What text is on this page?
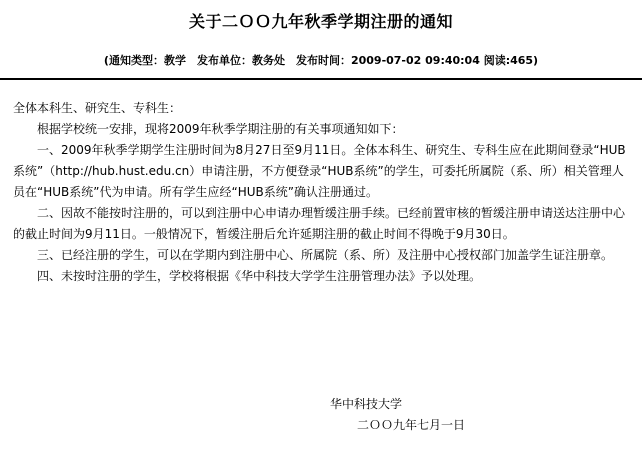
关于二ＯＯ九年秋季学期注册的通知
(通知类型：教学　发布单位：教务处　发布时间：2009-07-02 09:40:04 阅读:465)

全体本科生、研究生、专科生：

根据学校统一安排，现将2009年秋季学期注册的有关事项通知如下：

一、2009年秋季学期学生注册时间为8月27日至9月11日。全体本科生、研究生、专科生应在此期间登录“HUB系统”（http://hub.hust.edu.cn）申请注册，不方便登录“HUB系统”的学生，可委托所属院（系、所）相关管理人员在“HUB系统”代为申请。所有学生应经“HUB系统”确认注册通过。

二、因故不能按时注册的，可以到注册中心申请办理暂缓注册手续。已经前置审核的暂缓注册申请送达注册中心的截止时间为9月11日。一般情况下，暂缓注册后允许延期注册的截止时间不得晚于9月30日。

三、已经注册的学生，可以在学期内到注册中心、所属院（系、所）及注册中心授权部门加盖学生证注册章。

四、未按时注册的学生，学校将根据《华中科技大学学生注册管理办法》予以处理。

华中科技大学
二ＯＯ九年七月一日
